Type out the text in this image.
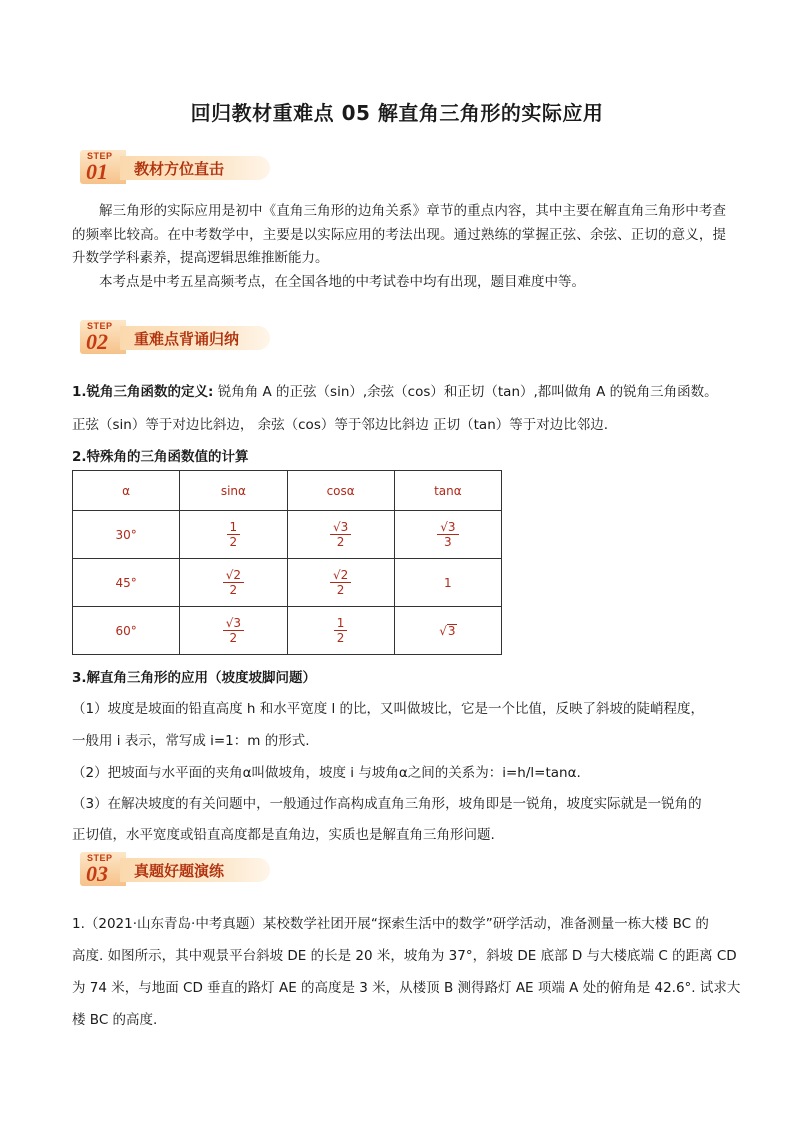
回归教材重难点 05 解直角三角形的实际应用
STEP
01 教材方位直击

解三角形的实际应用是初中《直角三角形的边角关系》章节的重点内容，其中主要在解直角三角形中考查的频率比较高。在中考数学中，主要是以实际应用的考法出现。通过熟练的掌握正弦、余弦、正切的意义，提升数学学科素养，提高逻辑思维推断能力。

本考点是中考五星高频考点，在全国各地的中考试卷中均有出现，题目难度中等。

STEP
02 重难点背诵归纳
1.锐角三角函数的定义: 锐角角 A 的正弦（sin）,余弦（cos）和正切（tan）,都叫做角 A 的锐角三角函数。
正弦（sin）等于对边比斜边， 余弦（cos）等于邻边比斜边 正切（tan）等于对边比邻边.
2.特殊角的三角函数值的计算
α	sinα	cosα	tanα
30°	$\frac{1}{2}$	$\frac{√3}{2}$	$\frac{√3}{3}$

45°	$\frac{√2}{2}$	$\frac{√2}{2}$	1
60°	$\frac{√3}{2}$	$\frac{1}{2}$	√3
3.解直角三角形的应用（坡度坡脚问题）
（1）坡度是坡面的铅直高度 h 和水平宽度 l 的比，又叫做坡比，它是一个比值，反映了斜坡的陡峭程度，
一般用 i 表示，常写成 i=1：m 的形式.
（2）把坡面与水平面的夹角α叫做坡角，坡度 i 与坡角α之间的关系为：i=h/l=tanα.
（3）在解决坡度的有关问题中，一般通过作高构成直角三角形，坡角即是一锐角，坡度实际就是一锐角的
正切值，水平宽度或铅直高度都是直角边，实质也是解直角三角形问题.
STEP
03 真题好题演练
1.（2021·山东青岛·中考真题）某校数学社团开展“探索生活中的数学”研学活动，准备测量一栋大楼 BC 的
高度. 如图所示，其中观景平台斜坡 DE 的长是 20 米，坡角为 37°，斜坡 DE 底部 D 与大楼底端 C 的距离 CD
为 74 米，与地面 CD 垂直的路灯 AE 的高度是 3 米，从楼顶 B 测得路灯 AE 项端 A 处的俯角是 42.6°. 试求大
楼 BC 的高度.
